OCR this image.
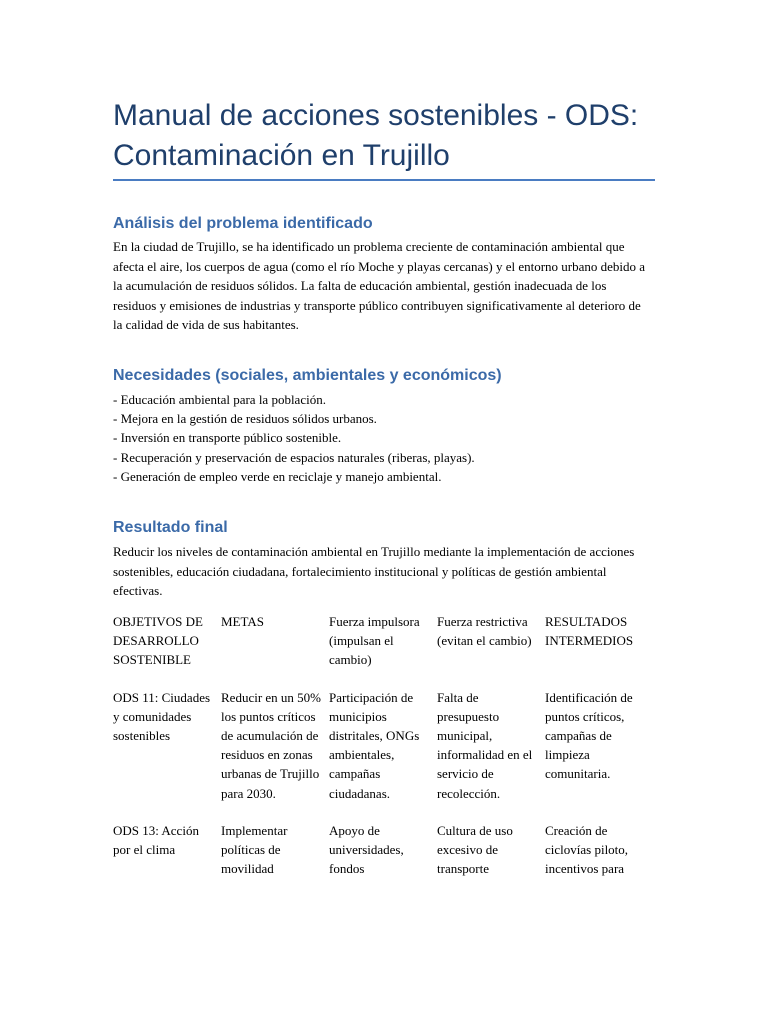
Manual de acciones sostenibles - ODS: Contaminación en Trujillo
Análisis del problema identificado

En la ciudad de Trujillo, se ha identificado un problema creciente de contaminación ambiental que afecta el aire, los cuerpos de agua (como el río Moche y playas cercanas) y el entorno urbano debido a la acumulación de residuos sólidos. La falta de educación ambiental, gestión inadecuada de los residuos y emisiones de industrias y transporte público contribuyen significativamente al deterioro de la calidad de vida de sus habitantes.

Necesidades (sociales, ambientales y económicos)
- Educación ambiental para la población.
- Mejora en la gestión de residuos sólidos urbanos.
- Inversión en transporte público sostenible.
- Recuperación y preservación de espacios naturales (riberas, playas).
- Generación de empleo verde en reciclaje y manejo ambiental.
Resultado final

Reducir los niveles de contaminación ambiental en Trujillo mediante la implementación de acciones sostenibles, educación ciudadana, fortalecimiento institucional y políticas de gestión ambiental efectivas.

OBJETIVOS DE DESARROLLO SOSTENIBLE	METAS	Fuerza impulsora (impulsan el cambio)	Fuerza restrictiva (evitan el cambio)	RESULTADOS INTERMEDIOS
ODS 11: Ciudades y comunidades sostenibles	Reducir en un 50% los puntos críticos de acumulación de residuos en zonas urbanas de Trujillo para 2030.	Participación de municipios distritales, ONGs ambientales, campañas ciudadanas.	Falta de presupuesto municipal, informalidad en el servicio de recolección.	Identificación de puntos críticos, campañas de limpieza comunitaria.
ODS 13: Acción por el clima	Implementar políticas de movilidad	Apoyo de universidades, fondos	Cultura de uso excesivo de transporte	Creación de ciclovías piloto, incentivos para
